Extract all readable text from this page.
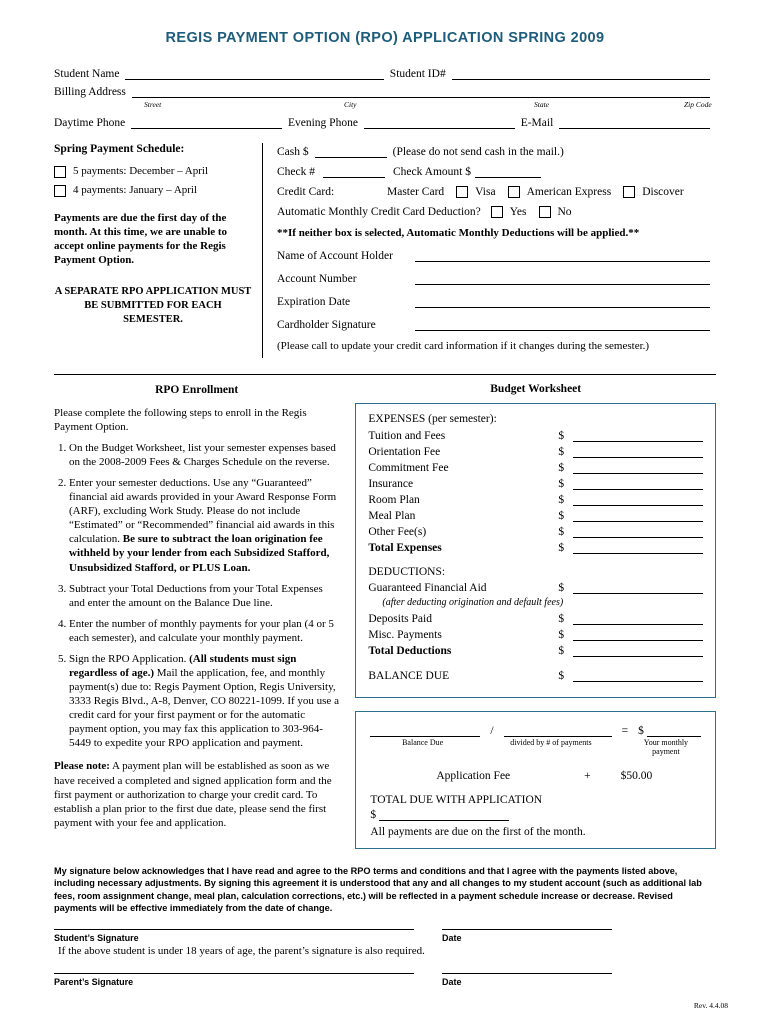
REGIS PAYMENT OPTION (RPO) APPLICATION SPRING 2009
Student Name	Student ID#
Billing Address
Street	City	State	Zip Code
Daytime Phone	Evening Phone	E-Mail
Spring Payment Schedule:
5 payments: December – April
4 payments: January – April
Payments are due the first day of the month. At this time, we are unable to accept online payments for the Regis Payment Option.
A SEPARATE RPO APPLICATION MUST BE SUBMITTED FOR EACH SEMESTER.
Cash $	(Please do not send cash in the mail.)
Check #	Check Amount $
Credit Card:	Master Card	Visa	American Express	Discover
Automatic Monthly Credit Card Deduction?	Yes	No
**If neither box is selected, Automatic Monthly Deductions will be applied.**
Name of Account Holder
Account Number
Expiration Date
Cardholder Signature
(Please call to update your credit card information if it changes during the semester.)
RPO Enrollment

Please complete the following steps to enroll in the Regis Payment Option.

1. On the Budget Worksheet, list your semester expenses based on the 2008-2009 Fees & Charges Schedule on the reverse.
2. Enter your semester deductions. Use any “Guaranteed” financial aid awards provided in your Award Response Form (ARF), excluding Work Study. Please do not include “Estimated” or “Recommended” financial aid awards in this calculation. Be sure to subtract the loan origination fee withheld by your lender from each Subsidized Stafford, Unsubsidized Stafford, or PLUS Loan.
3. Subtract your Total Deductions from your Total Expenses and enter the amount on the Balance Due line.
4. Enter the number of monthly payments for your plan (4 or 5 each semester), and calculate your monthly payment.
5. Sign the RPO Application. (All students must sign regardless of age.) Mail the application, fee, and monthly payment(s) due to: Regis Payment Option, Regis University, 3333 Regis Blvd., A-8, Denver, CO 80221-1099. If you use a credit card for your first payment or for the automatic payment option, you may fax this application to 303-964-5449 to expedite your RPO application and payment.

Please note: A payment plan will be established as soon as we have received a completed and signed application form and the first payment or authorization to charge your credit card. To establish a plan prior to the first due date, please send the first payment with your fee and application.

Budget Worksheet
EXPENSES (per semester):
Tuition and Fees	$
Orientation Fee	$
Commitment Fee	$
Insurance	$
Room Plan	$
Meal Plan	$
Other Fee(s)	$
Total Expenses	$
DEDUCTIONS:
Guaranteed Financial Aid	$
(after deducting origination and default fees)
Deposits Paid	$
Misc. Payments	$
Total Deductions	$
BALANCE DUE	$
/	= $
Balance Due	divided by # of payments	Your monthly payment
Application Fee	+	$50.00
TOTAL DUE WITH APPLICATION
$
All payments are due on the first of the month.
My signature below acknowledges that I have read and agree to the RPO terms and conditions and that I agree with the payments listed above, including necessary adjustments. By signing this agreement it is understood that any and all changes to my student account (such as additional lab fees, room assignment change, meal plan, calculation corrections, etc.) will be reflected in a payment schedule increase or decrease. Revised payments will be effective immediately from the date of change.
Student’s Signature	Date
If the above student is under 18 years of age, the parent’s signature is also required.
Parent’s Signature	Date
Rev. 4.4.08
